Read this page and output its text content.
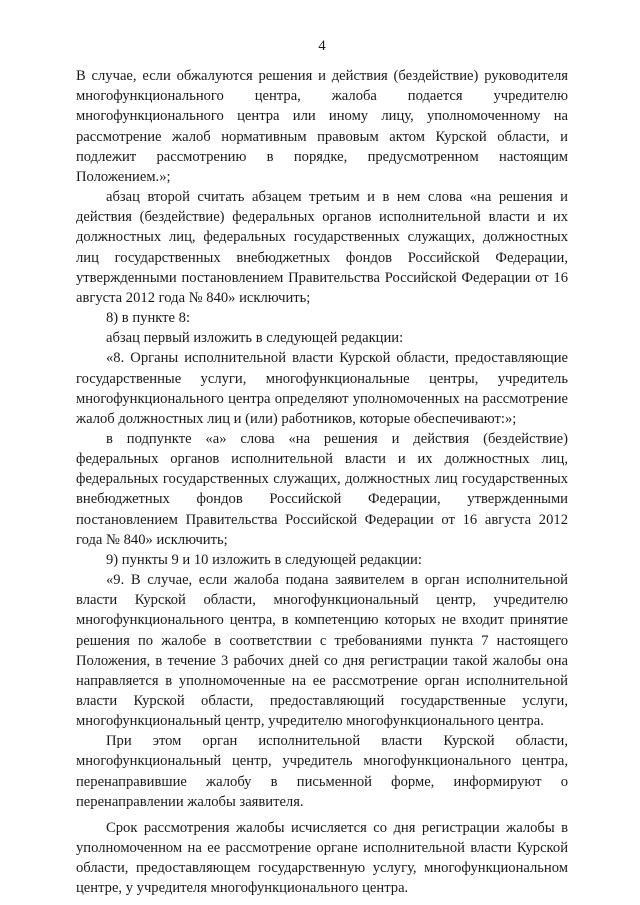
4

В случае, если обжалуются решения и действия (бездействие) руководителя многофункционального центра, жалоба подается учредителю многофункционального центра или иному лицу, уполномоченному на рассмотрение жалоб нормативным правовым актом Курской области, и подлежит рассмотрению в порядке, предусмотренном настоящим Положением.»;

абзац второй считать абзацем третьим и в нем слова «на решения и действия (бездействие) федеральных органов исполнительной власти и их должностных лиц, федеральных государственных служащих, должностных лиц государственных внебюджетных фондов Российской Федерации, утвержденными постановлением Правительства Российской Федерации от 16 августа 2012 года № 840» исключить;

8) в пункте 8:

абзац первый изложить в следующей редакции:

«8. Органы исполнительной власти Курской области, предоставляющие государственные услуги, многофункциональные центры, учредитель многофункционального центра определяют уполномоченных на рассмотрение жалоб должностных лиц и (или) работников, которые обеспечивают:»;

в подпункте «а» слова «на решения и действия (бездействие) федеральных органов исполнительной власти и их должностных лиц, федеральных государственных служащих, должностных лиц государственных внебюджетных фондов Российской Федерации, утвержденными постановлением Правительства Российской Федерации от 16 августа 2012 года № 840» исключить;

9) пункты 9 и 10 изложить в следующей редакции:

«9. В случае, если жалоба подана заявителем в орган исполнительной власти Курской области, многофункциональный центр, учредителю многофункционального центра, в компетенцию которых не входит принятие решения по жалобе в соответствии с требованиями пункта 7 настоящего Положения, в течение 3 рабочих дней со дня регистрации такой жалобы она направляется в уполномоченные на ее рассмотрение орган исполнительной власти Курской области, предоставляющий государственные услуги, многофункциональный центр, учредителю многофункционального центра.

При этом орган исполнительной власти Курской области, многофункциональный центр, учредитель многофункционального центра, перенаправившие жалобу в письменной форме, информируют о перенаправлении жалобы заявителя.

Срок рассмотрения жалобы исчисляется со дня регистрации жалобы в уполномоченном на ее рассмотрение органе исполнительной власти Курской области, предоставляющем государственную услугу, многофункциональном центре, у учредителя многофункционального центра.
